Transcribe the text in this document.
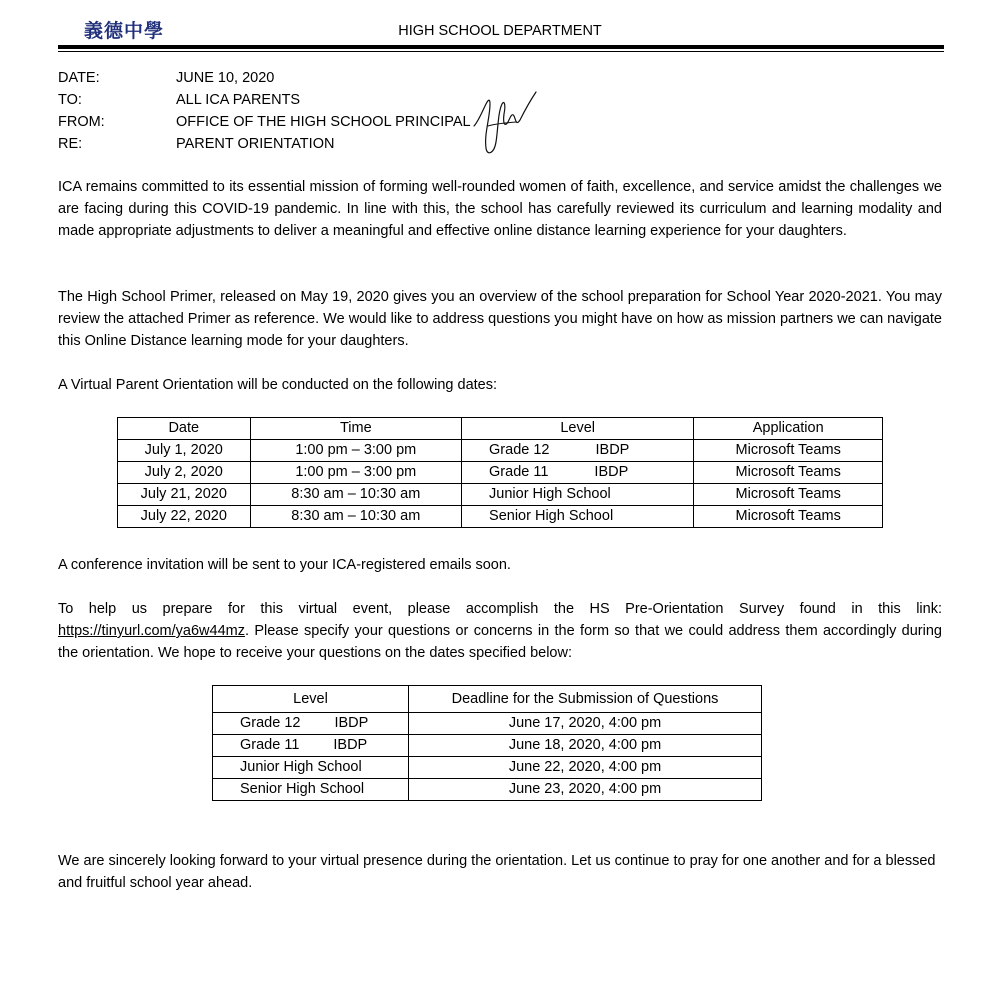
義德中學	HIGH SCHOOL DEPARTMENT
DATE:	JUNE 10, 2020
TO:	ALL ICA PARENTS
FROM:	OFFICE OF THE HIGH SCHOOL PRINCIPAL
RE:	PARENT ORIENTATION

ICA remains committed to its essential mission of forming well-rounded women of faith, excellence, and service amidst the challenges we are facing during this COVID-19 pandemic. In line with this, the school has carefully reviewed its curriculum and learning modality and made appropriate adjustments to deliver a meaningful and effective online distance learning experience for your daughters.

The High School Primer, released on May 19, 2020 gives you an overview of the school preparation for School Year 2020-2021. You may review the attached Primer as reference. We would like to address questions you might have on how as mission partners we can navigate this Online Distance learning mode for your daughters.

A Virtual Parent Orientation will be conducted on the following dates:

Date	Time	Level	Application
July 1, 2020	1:00 pm – 3:00 pm	Grade 12 IBDP	Microsoft Teams
July 2, 2020	1:00 pm – 3:00 pm	Grade 11 IBDP	Microsoft Teams
July 21, 2020	8:30 am – 10:30 am	Junior High School	Microsoft Teams
July 22, 2020	8:30 am – 10:30 am	Senior High School	Microsoft Teams

A conference invitation will be sent to your ICA-registered emails soon.

To help us prepare for this virtual event, please accomplish the HS Pre-Orientation Survey found in this link: https://tinyurl.com/ya6w44mz. Please specify your questions or concerns in the form so that we could address them accordingly during the orientation. We hope to receive your questions on the dates specified below:

Level	Deadline for the Submission of Questions
Grade 12 IBDP	June 17, 2020, 4:00 pm
Grade 11 IBDP	June 18, 2020, 4:00 pm
Junior High School	June 22, 2020, 4:00 pm
Senior High School	June 23, 2020, 4:00 pm

We are sincerely looking forward to your virtual presence during the orientation. Let us continue to pray for one another and for a blessed and fruitful school year ahead.
